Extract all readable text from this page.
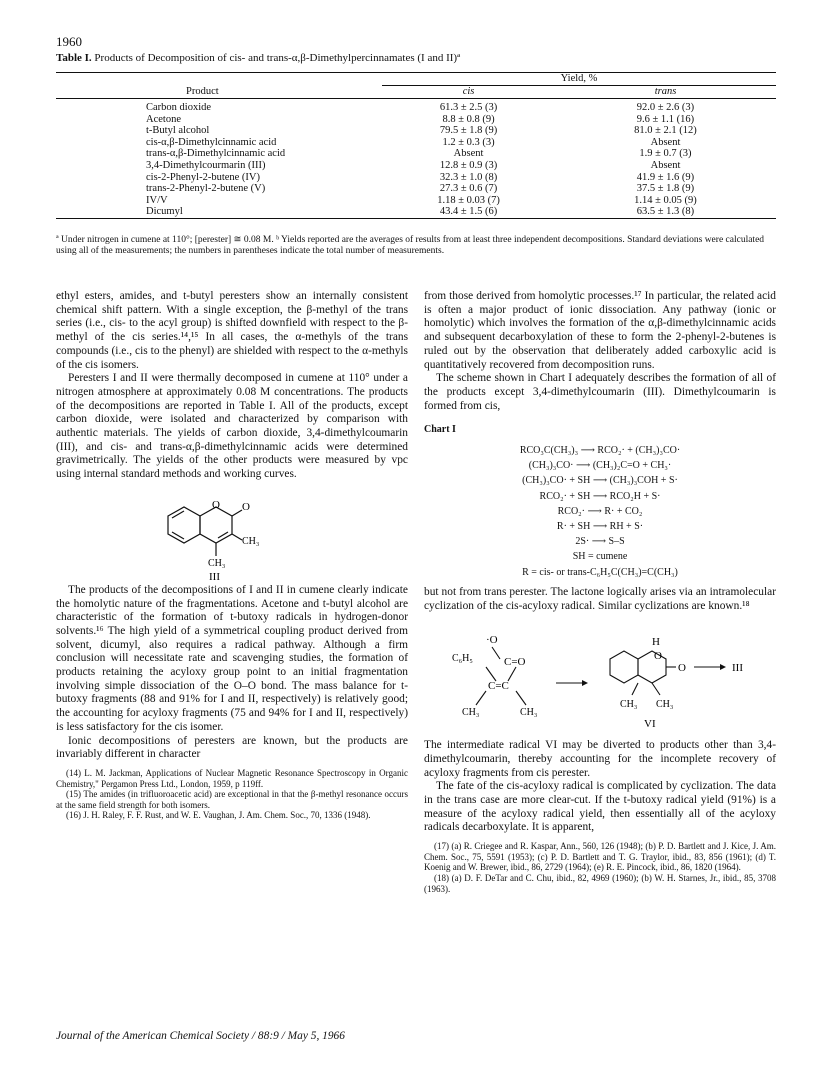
1960
Table I. Products of Decomposition of cis- and trans-α,β-Dimethylpercinnamates (I and II)ª
	Yield, %	
Product	cis	trans

Carbon dioxide	61.3 ± 2.5 (3)	92.0 ± 2.6 (3)
Acetone	8.8 ± 0.8 (9)	9.6 ± 1.1 (16)
t-Butyl alcohol	79.5 ± 1.8 (9)	81.0 ± 2.1 (12)
cis-α,β-Dimethylcinnamic acid	1.2 ± 0.3 (3)	Absent
trans-α,β-Dimethylcinnamic acid	Absent	1.9 ± 0.7 (3)
3,4-Dimethylcourmarin (III)	12.8 ± 0.9 (3)	Absent
cis-2-Phenyl-2-butene (IV)	32.3 ± 1.0 (8)	41.9 ± 1.6 (9)
trans-2-Phenyl-2-butene (V)	27.3 ± 0.6 (7)	37.5 ± 1.8 (9)
IV/V	1.18 ± 0.03 (7)	1.14 ± 0.05 (9)
Dicumyl	43.4 ± 1.5 (6)	63.5 ± 1.3 (8)

ª Under nitrogen in cumene at 110°; [perester] ≅ 0.08 M. ᵇ Yields reported are the averages of results from at least three independent decompositions. Standard deviations were calculated using all of the measurements; the numbers in parentheses indicate the total number of measurements.

ethyl esters, amides, and t-butyl peresters show an internally consistent chemical shift pattern. With a single exception, the β-methyl of the trans series (i.e., cis- to the acyl group) is shifted downfield with respect to the β-methyl of the cis series.¹⁴,¹⁵ In all cases, the α-methyls of the trans compounds (i.e., cis to the phenyl) are shielded with respect to the α-methyls of the cis isomers.

Peresters I and II were thermally decomposed in cumene at 110° under a nitrogen atmosphere at approximately 0.08 M concentrations. The products of the decompositions are reported in Table I. All of the products, except carbon dioxide, were isolated and characterized by comparison with authentic materials. The yields of carbon dioxide, 3,4-dimethylcoumarin (III), and cis- and trans-α,β-dimethylcinnamic acids were determined gravimetrically. The yields of the other products were measured by vpc using internal standard methods and working curves.

O O
CH₃
CH₃
III

The products of the decompositions of I and II in cumene clearly indicate the homolytic nature of the fragmentations. Acetone and t-butyl alcohol are characteristic of the formation of t-butoxy radicals in hydrogen-donor solvents.¹⁶ The high yield of a symmetrical coupling product derived from solvent, dicumyl, also requires a radical pathway. Although a firm conclusion will necessitate rate and scavenging studies, the formation of products retaining the acyloxy group point to an initial fragmentation involving simple dissociation of the O–O bond. The mass balance for t-butoxy fragments (88 and 91% for I and II, respectively) is relatively good; the accounting for acyloxy fragments (75 and 94% for I and II, respectively) is less satisfactory for the cis isomer.

Ionic decompositions of peresters are known, but the products are invariably different in character

(14) L. M. Jackman, Applications of Nuclear Magnetic Resonance Spectroscopy in Organic Chemistry," Pergamon Press Ltd., London, 1959, p 119ff.
(15) The amides (in trifluoroacetic acid) are exceptional in that the β-methyl resonance occurs at the same field strength for both isomers.
(16) J. H. Raley, F. F. Rust, and W. E. Vaughan, J. Am. Chem. Soc., 70, 1336 (1948).

from those derived from homolytic processes.¹⁷ In particular, the related acid is often a major product of ionic dissociation. Any pathway (ionic or homolytic) which involves the formation of the α,β-dimethylcinnamic acids and subsequent decarboxylation of these to form the 2-phenyl-2-butenes is ruled out by the observation that deliberately added carboxylic acid is quantitatively recovered from decomposition runs.

The scheme shown in Chart I adequately describes the formation of all of the products except 3,4-dimethylcoumarin (III). Dimethylcoumarin is formed from cis,

Chart I
RCO₃C(CH₃)₃ ⟶ RCO₂· + (CH₃)₃CO·
(CH₃)₃CO· ⟶ (CH₃)₂C=O + CH₃·
(CH₃)₃CO· + SH ⟶ (CH₃)₃COH + S·
RCO₂· + SH ⟶ RCO₂H + S·
RCO₂· ⟶ R· + CO₂
R· + SH ⟶ RH + S·
2S· ⟶ S–S
SH = cumene
R = cis- or trans-C₆H₅C(CH₃)=C(CH₃)

but not from trans perester. The lactone logically arises via an intramolecular cyclization of the cis-acyloxy radical. Similar cyclizations are known.¹⁸

·O
C₆H₅	C=O
C=C
CH₃	CH₃
H
O
O
CH₃ CH₃
VI
III

The intermediate radical VI may be diverted to products other than 3,4-dimethylcoumarin, thereby accounting for the incomplete recovery of acyloxy fragments from cis perester.

The fate of the cis-acyloxy radical is complicated by cyclization. The data in the trans case are more clear-cut. If the t-butoxy radical yield (91%) is a measure of the acyloxy radical yield, then essentially all of the acyloxy radicals decarboxylate. It is apparent,

(17) (a) R. Criegee and R. Kaspar, Ann., 560, 126 (1948); (b) P. D. Bartlett and J. Kice, J. Am. Chem. Soc., 75, 5591 (1953); (c) P. D. Bartlett and T. G. Traylor, ibid., 83, 856 (1961); (d) T. Koenig and W. Brewer, ibid., 86, 2729 (1964); (e) R. E. Pincock, ibid., 86, 1820 (1964).
(18) (a) D. F. DeTar and C. Chu, ibid., 82, 4969 (1960); (b) W. H. Starnes, Jr., ibid., 85, 3708 (1963).
Journal of the American Chemical Society / 88:9 / May 5, 1966
